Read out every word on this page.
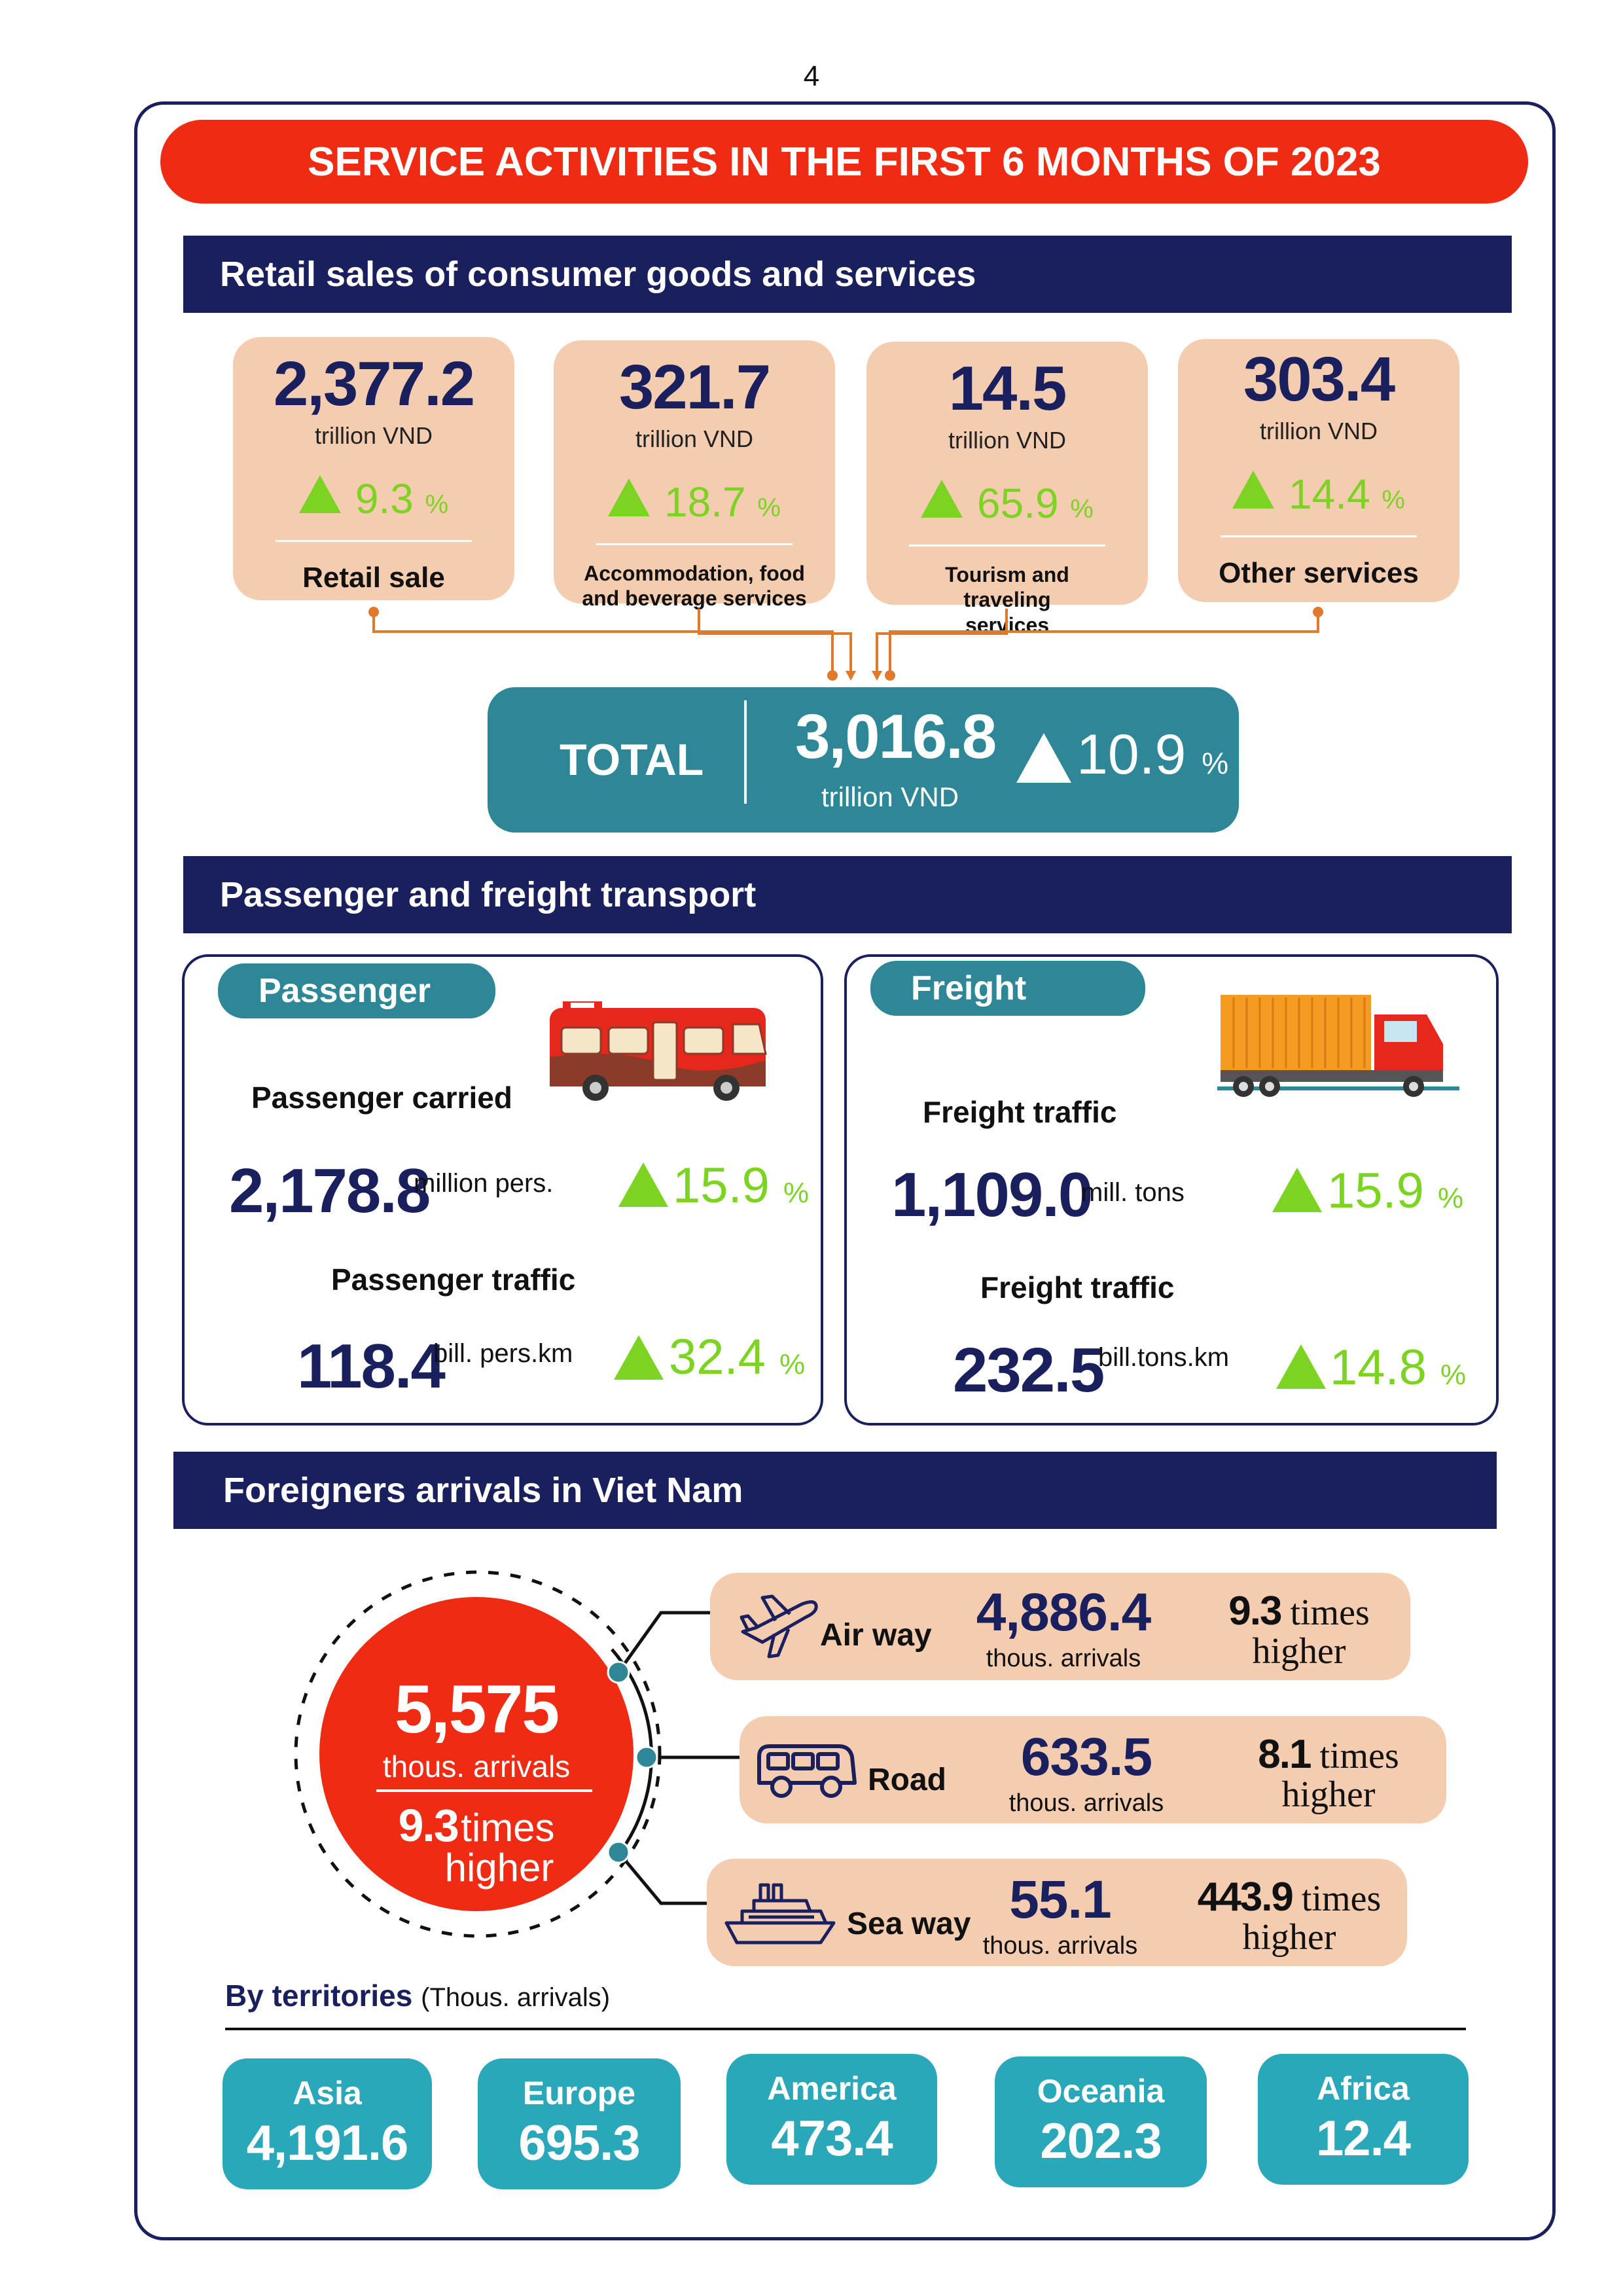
4
SERVICE ACTIVITIES IN THE FIRST 6 MONTHS OF 2023
Retail sales of consumer goods and services
2,377.2
trillion VND
9.3 %
Retail sale
321.7
trillion VND
18.7 %
Accommodation, food and beverage services
14.5
trillion VND
65.9 %
Tourism and traveling services
303.4
trillion VND
14.4 %
Other services
TOTAL 3,016.8
trillion VND
10.9 %
Passenger and freight transport
Passenger
Passenger carried
2,178.8
million pers. 15.9 %
Passenger traffic
118.4
bill. pers.km 32.4 %
Freight
Freight traffic
1,109.0
mill. tons	15.9 %
Freight traffic
232.5
bill.tons.km 14.8 %
Foreigners arrivals in Viet Nam
5,575
thous. arrivals
9.3 times
higher
Air way 4,886.4
thous. arrivals
9.3 times
higher
Road	633.5
thous. arrivals
8.1 times
higher
Sea way 55.1
thous. arrivals
443.9 times
higher
By territories (Thous. arrivals)
Asia
4,191.6
Europe
695.3
America
473.4
Oceania
202.3
Africa
12.4
